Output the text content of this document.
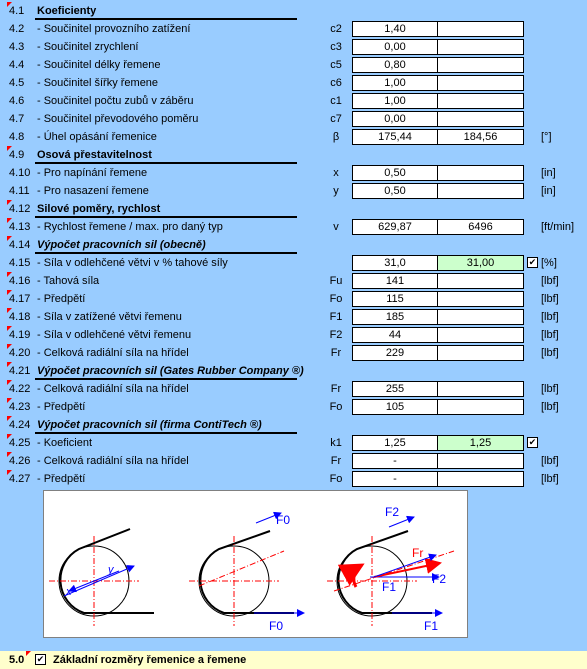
4.1 Koeficienty
4.2 - Součinitel provozního zatížení	c2	1,40
4.3 - Součinitel zrychlení	c3	0,00
4.4 - Součinitel délky řemene	c5	0,80
4.5 - Součinitel šířky řemene	c6	1,00
4.6 - Součinitel počtu zubů v záběru	c1	1,00
4.7 - Součinitel převodového poměru	c7	0,00
4.8 - Úhel opásání řemenice	β	175,44	184,56	[°]
4.9 Osová přestavitelnost
4.10 - Pro napínání řemene	x	0,50	[in]
4.11 - Pro nasazení řemene	y	0,50	[in]
4.12 Silové poměry, rychlost
4.13 - Rychlost řemene / max. pro daný typ	v	629,87	6496	[ft/min]
4.14 Výpočet pracovních sil (obecně)
4.15 - Síla v odlehčené větvi v % tahové síly	31,0	31,00	✔ [%]
4.16 - Tahová síla	Fu	141	[lbf]
4.17 - Předpětí	Fo	115	[lbf]
4.18 - Síla v zatížené větvi řemenu	F1	185	[lbf]
4.19 - Síla v odlehčené větvi řemenu	F2	44	[lbf]
4.20 - Celková radiální síla na hřídel	Fr	229	[lbf]
4.21 Výpočet pracovních sil (Gates Rubber Company ®)
4.22 - Celková radiální síla na hřídel	Fr	255	[lbf]
4.23 - Předpětí	Fo	105	[lbf]
4.24 Výpočet pracovních sil (firma ContiTech ®)
4.25 - Koeficient	k1	1,25	1,25	✔
4.26 - Celková radiální síla na hřídel	Fr	-	[lbf]
4.27 - Předpětí	Fo	-	[lbf]
y
x
F0
F0
F2
Fr
F1
F2
F1
5.0 ✔ Základní rozměry řemenice a řemene
